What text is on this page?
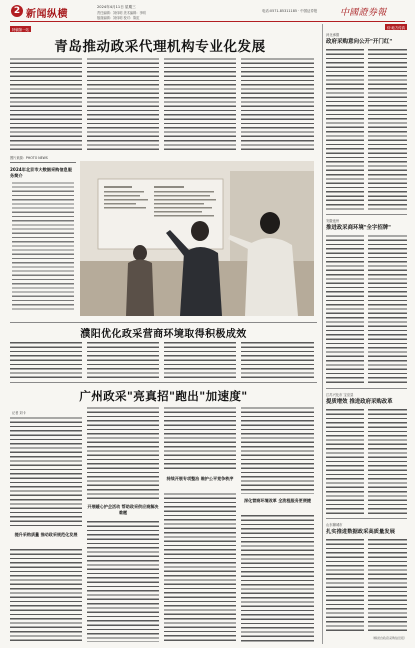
2 新闻纵横
2024年4月11日 星期三
责任编辑：刘伟明 美术编辑：李明
版面编辑：刘伟明 校对：陈虹
电话:0571-85311185 · 中国证券报	中國證券報
特稿第一站
青岛推动政采代理机构专业化发展
图片来源：PHOTO NEWS
2024年北京市大数据采购信息服务简介
濮阳优化政采营商环境取得积极成效
广州政采"亮真招"跑出"加速度"
记者 刘卡
提升采购质量 推动政采规范化发展
开展暖心护企活动 帮助政采供应商解决难题
持续开展专项整治 维护公平竞争秩序
深化营商环境改革 全流程服务更便捷
综·地方传真
河北承德
政府采购意向公开"开门红"
安徽池州
推进政采商环境"全字招牌"
江苏兴化市 宝应县
提质增效 推进政府采购改革
山东聊城市
扎实推进数据政采高质量发展
（辑录自政府采购信息报）
